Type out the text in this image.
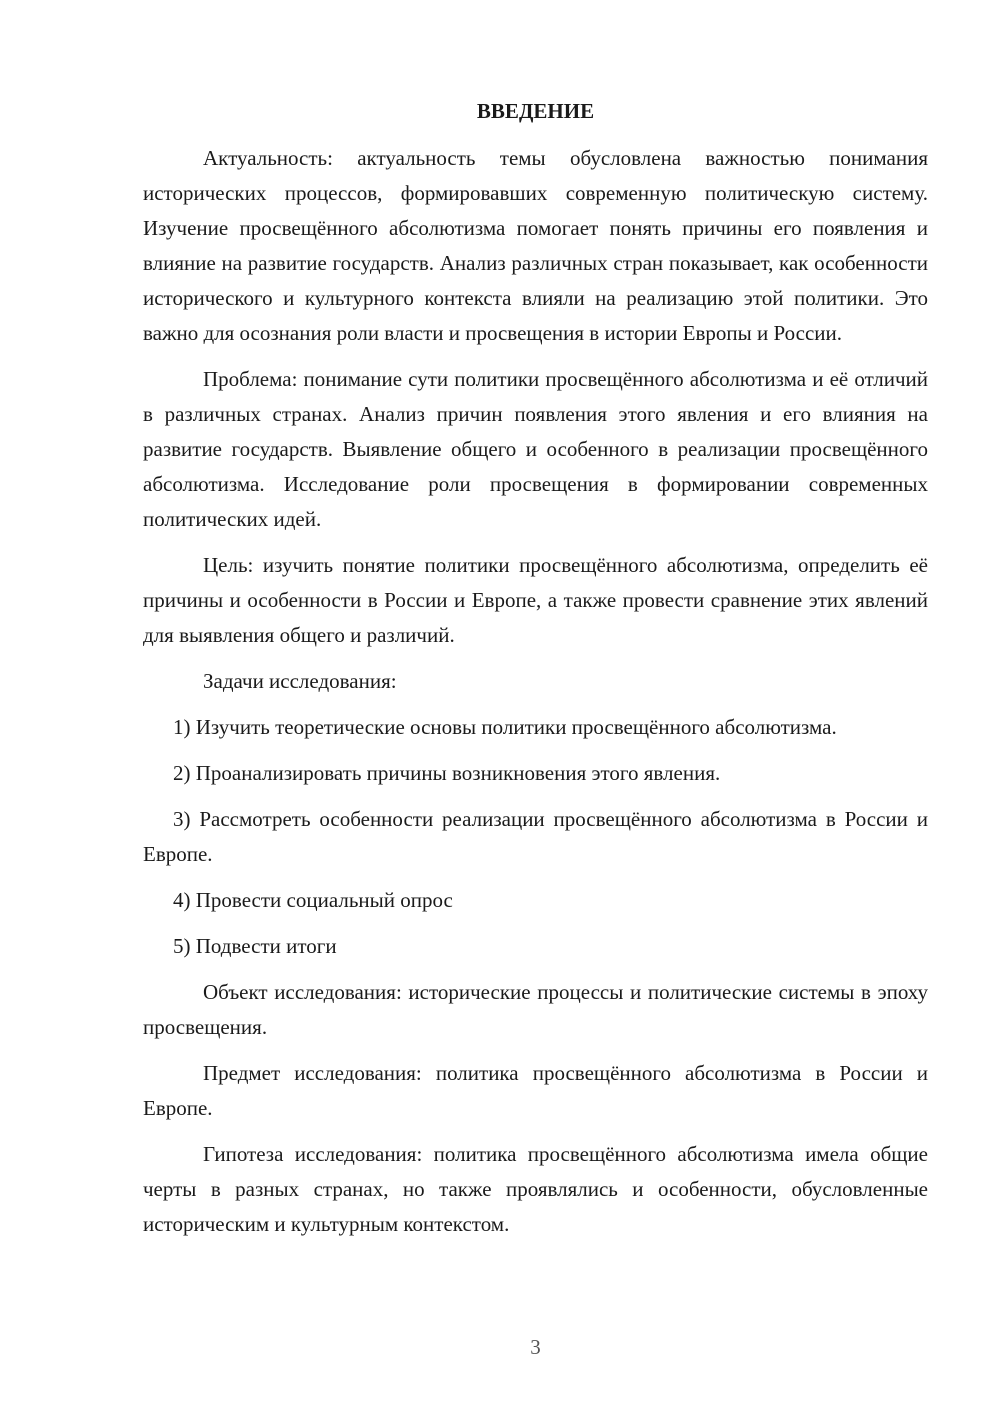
ВВЕДЕНИЕ

Актуальность: актуальность темы обусловлена важностью понимания исторических процессов, формировавших современную политическую систему. Изучение просвещённого абсолютизма помогает понять причины его появления и влияние на развитие государств. Анализ различных стран показывает, как особенности исторического и культурного контекста влияли на реализацию этой политики. Это важно для осознания роли власти и просвещения в истории Европы и России.

Проблема: понимание сути политики просвещённого абсолютизма и её отличий в различных странах. Анализ причин появления этого явления и его влияния на развитие государств. Выявление общего и особенного в реализации просвещённого абсолютизма. Исследование роли просвещения в формировании современных политических идей.

Цель: изучить понятие политики просвещённого абсолютизма, определить её причины и особенности в России и Европе, а также провести сравнение этих явлений для выявления общего и различий.

Задачи исследования:

1) Изучить теоретические основы политики просвещённого абсолютизма.

2) Проанализировать причины возникновения этого явления.

3) Рассмотреть особенности реализации просвещённого абсолютизма в России и Европе.

4) Провести социальный опрос

5) Подвести итоги

Объект исследования: исторические процессы и политические системы в эпоху просвещения.

Предмет исследования: политика просвещённого абсолютизма в России и Европе.

Гипотеза исследования: политика просвещённого абсолютизма имела общие черты в разных странах, но также проявлялись и особенности, обусловленные историческим и культурным контекстом.

3
